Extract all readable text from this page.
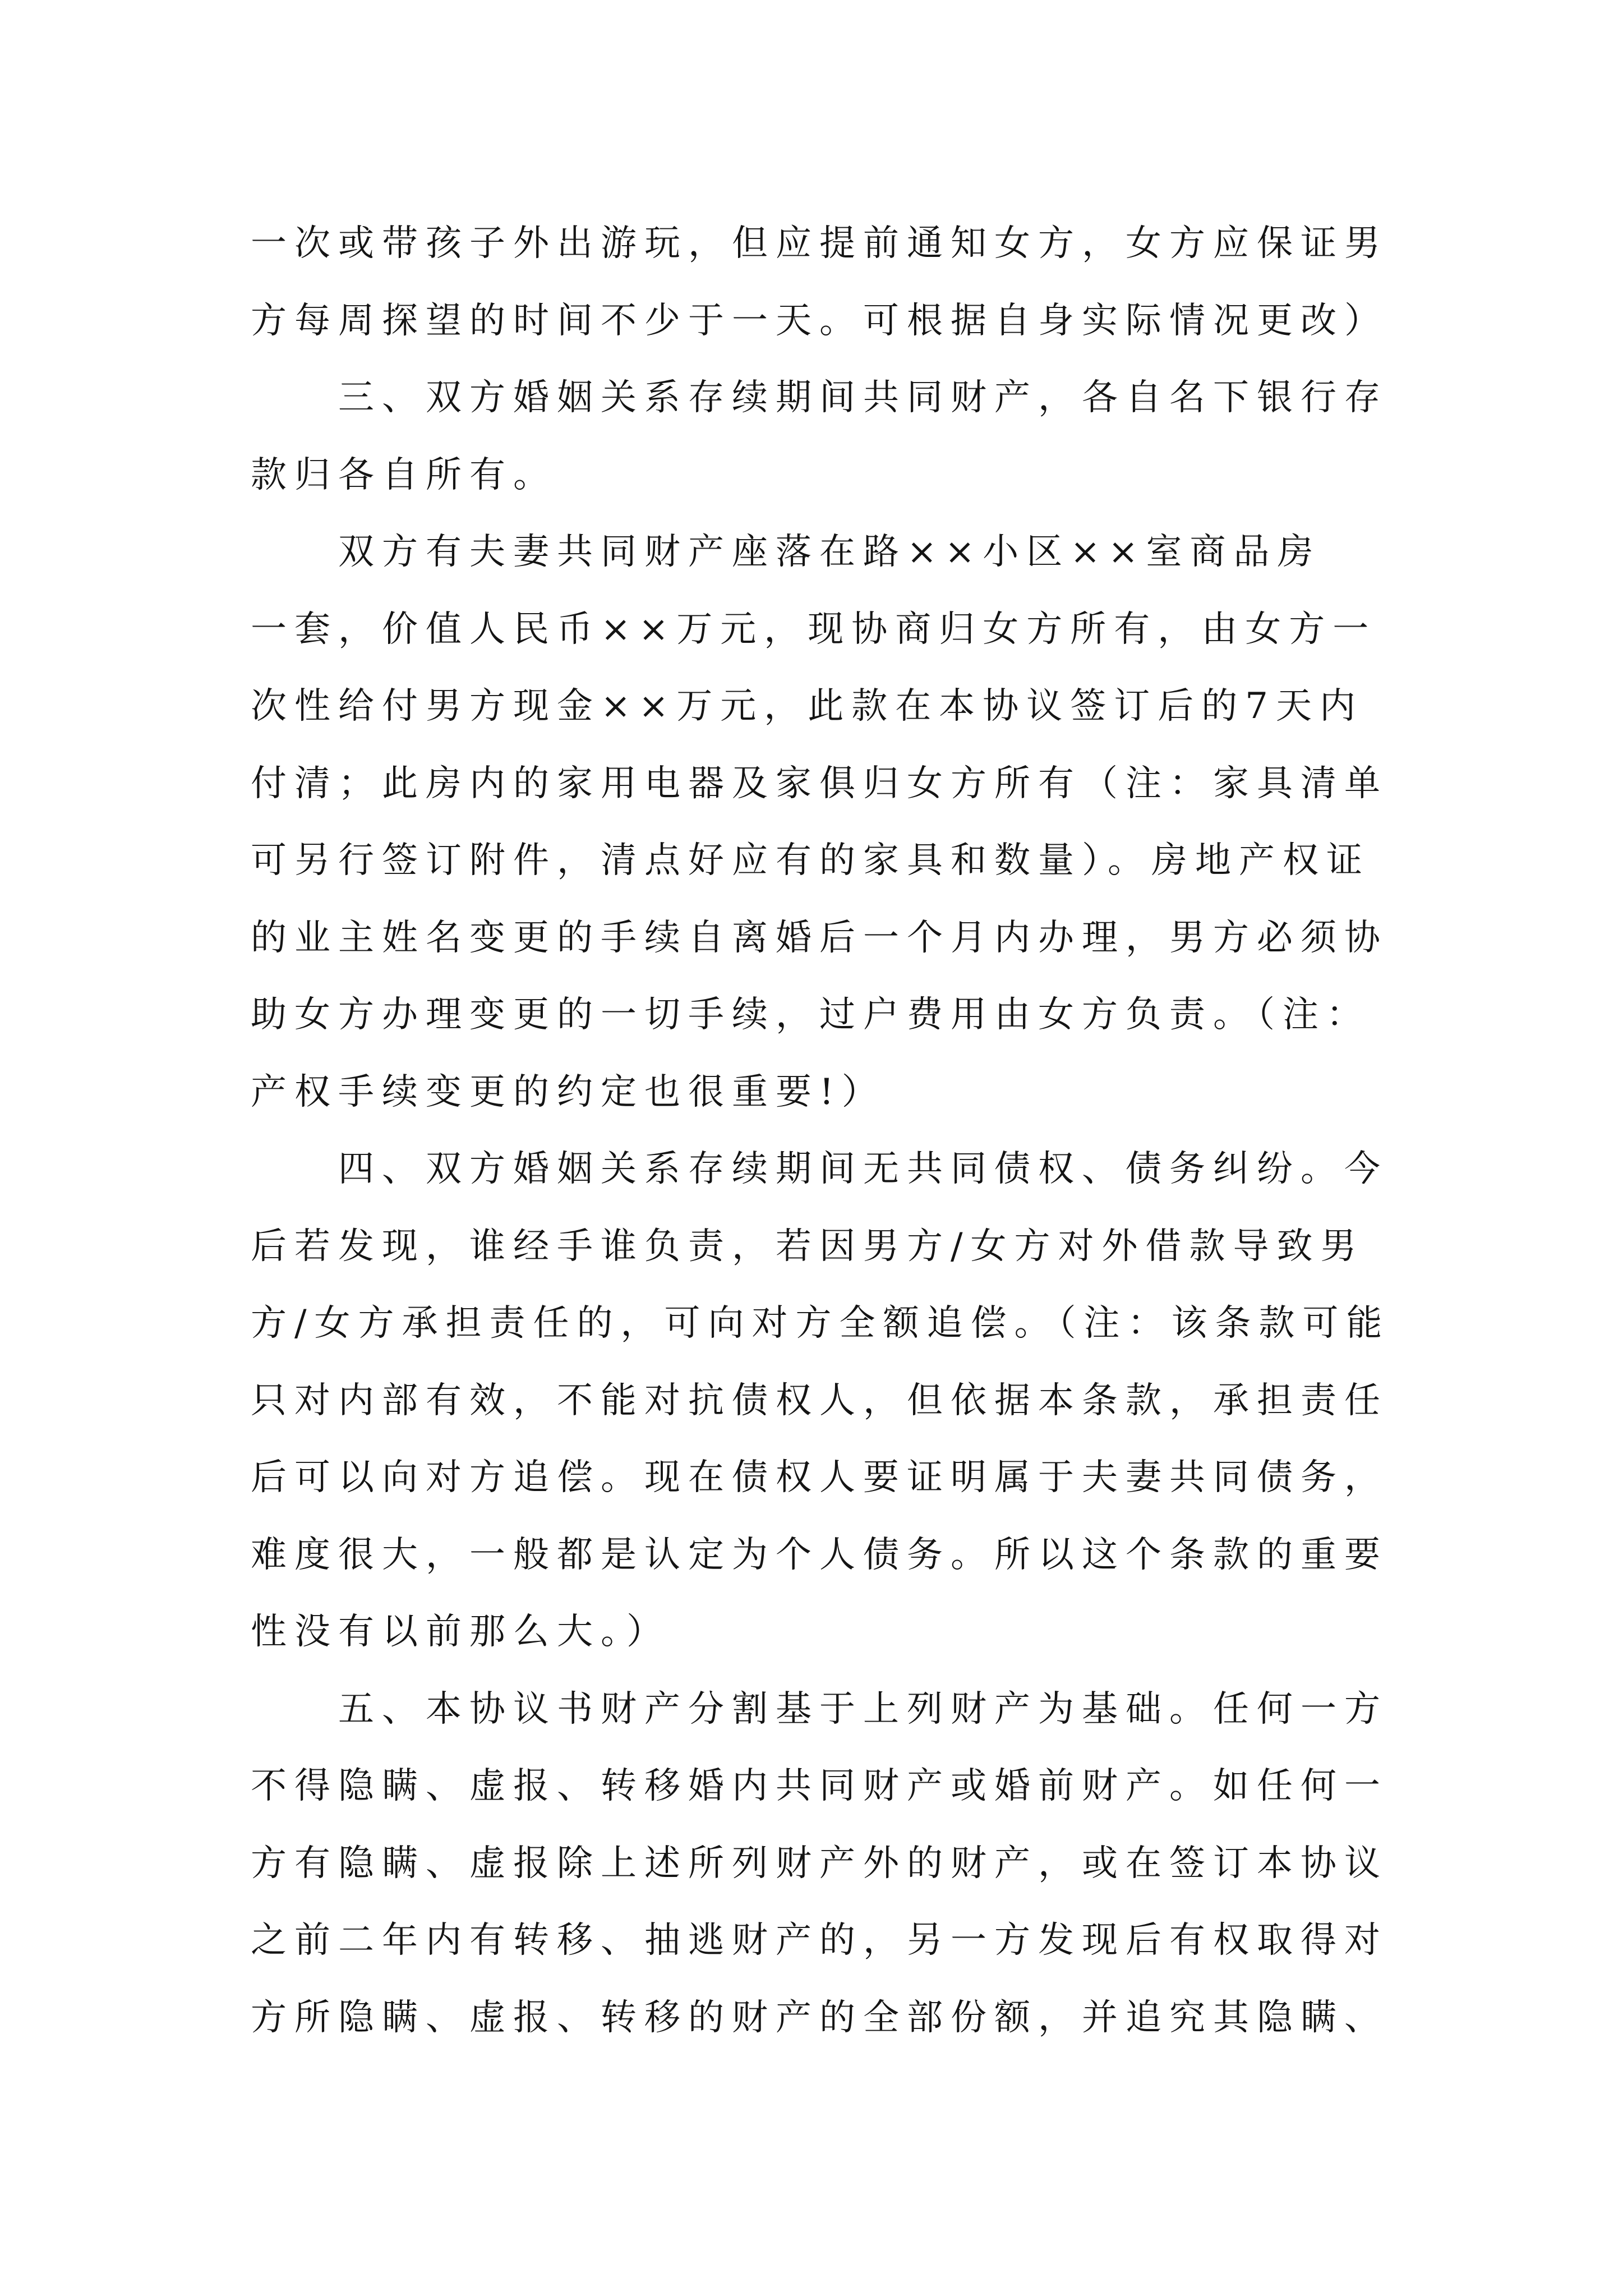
一次或带孩子外出游玩，但应提前通知女方，女方应保证男
方每周探望的时间不少于一天。可根据自身实际情况更改）
三、双方婚姻关系存续期间共同财产，各自名下银行存
款归各自所有。
双方有夫妻共同财产座落在路××小区××室商品房
一套，价值人民币××万元，现协商归女方所有，由女方一
次性给付男方现金××万元，此款在本协议签订后的7天内
付清；此房内的家用电器及家俱归女方所有（注：家具清单
可另行签订附件，清点好应有的家具和数量）。房地产权证
的业主姓名变更的手续自离婚后一个月内办理，男方必须协
助女方办理变更的一切手续，过户费用由女方负责。（注：
产权手续变更的约定也很重要!）
四、双方婚姻关系存续期间无共同债权、债务纠纷。今
后若发现，谁经手谁负责，若因男方/女方对外借款导致男
方/女方承担责任的，可向对方全额追偿。（注：该条款可能
只对内部有效，不能对抗债权人，但依据本条款，承担责任
后可以向对方追偿。现在债权人要证明属于夫妻共同债务，
难度很大，一般都是认定为个人债务。所以这个条款的重要
性没有以前那么大。）
五、本协议书财产分割基于上列财产为基础。任何一方
不得隐瞒、虚报、转移婚内共同财产或婚前财产。如任何一
方有隐瞒、虚报除上述所列财产外的财产，或在签订本协议
之前二年内有转移、抽逃财产的，另一方发现后有权取得对
方所隐瞒、虚报、转移的财产的全部份额，并追究其隐瞒、
